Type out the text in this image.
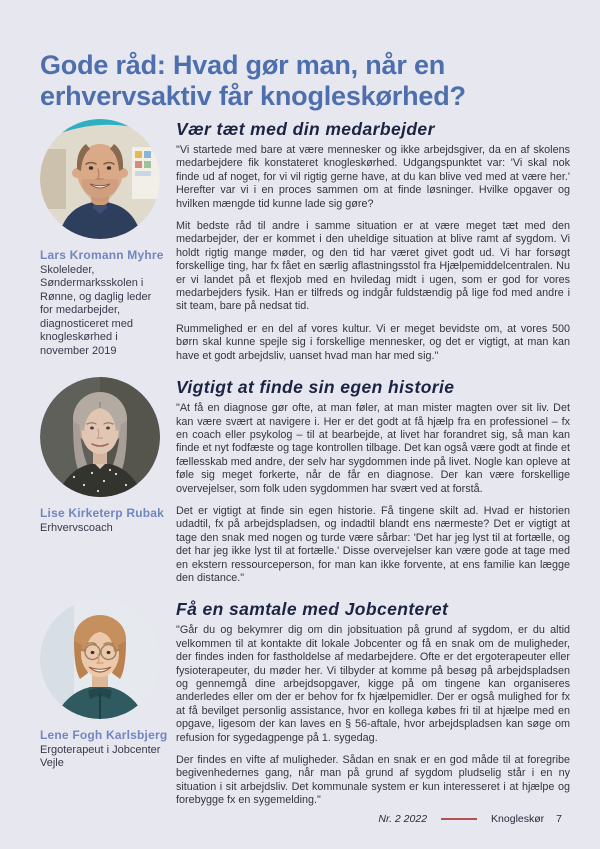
Gode råd: Hvad gør man, når en erhvervsaktiv får knogleskørhed?
Lars Kromann Myhre
Skoleleder, Søndermarksskolen i Rønne, og daglig leder for medarbejder, diagnosticeret med knogleskørhed i november 2019
Vær tæt med din medarbejder

"Vi startede med bare at være mennesker og ikke arbejdsgiver, da en af skolens medarbejdere fik konstateret knogleskørhed. Udgangspunktet var: 'Vi skal nok finde ud af noget, for vi vil rigtig gerne have, at du kan blive ved med at være her.' Herefter var vi i en proces sammen om at finde løsninger. Hvilke opgaver og hvilken mængde tid kunne lade sig gøre?

Mit bedste råd til andre i samme situation er at være meget tæt med den medarbejder, der er kommet i den uheldige situation at blive ramt af sygdom. Vi holdt rigtig mange møder, og den tid har været givet godt ud. Vi har forsøgt forskellige ting, har fx fået en særlig aflastningsstol fra Hjælpemiddelcentralen. Nu er vi landet på et flexjob med en hviledag midt i ugen, som er god for vores medarbejders fysik. Han er tilfreds og indgår fuldstændig på lige fod med andre i sit team, bare på nedsat tid.

Rummelighed er en del af vores kultur. Vi er meget bevidste om, at vores 500 børn skal kunne spejle sig i forskellige mennesker, og det er vigtigt, at man kan have et godt arbejdsliv, uanset hvad man har med sig."

Lise Kirketerp Rubak
Erhvervscoach
Vigtigt at finde sin egen historie

"At få en diagnose gør ofte, at man føler, at man mister magten over sit liv. Det kan være svært at navigere i. Her er det godt at få hjælp fra en professionel – fx en coach eller psykolog – til at bearbejde, at livet har forandret sig, så man kan finde et nyt fodfæste og tage kontrollen tilbage. Det kan også være godt at finde et fællesskab med andre, der selv har sygdommen inde på livet. Nogle kan opleve at føle sig meget forkerte, når de får en diagnose. Der kan være forskellige overvejelser, som folk uden sygdommen har svært ved at forstå.

Det er vigtigt at finde sin egen historie. Få tingene skilt ad. Hvad er historien udadtil, fx på arbejdspladsen, og indadtil blandt ens nærmeste? Det er vigtigt at tage den snak med nogen og turde være sårbar: 'Det har jeg lyst til at fortælle, og det har jeg ikke lyst til at fortælle.' Disse overvejelser kan være gode at tage med en ekstern ressourceperson, for man kan ikke forvente, at ens familie kan lægge den distance."

Lene Fogh Karlsbjerg
Ergoterapeut i Jobcenter Vejle
Få en samtale med Jobcenteret

"Går du og bekymrer dig om din jobsituation på grund af sygdom, er du altid velkommen til at kontakte dit lokale Jobcenter og få en snak om de muligheder, der findes inden for fastholdelse af medarbejdere. Ofte er det ergoterapeuter eller fysioterapeuter, du møder her. Vi tilbyder at komme på besøg på arbejdspladsen og gennemgå dine arbejdsopgaver, kigge på om tingene kan organiseres anderledes eller om der er behov for fx hjælpemidler. Der er også mulighed for fx at få bevilget personlig assistance, hvor en kollega købes fri til at hjælpe med en opgave, ligesom der kan laves en § 56-aftale, hvor arbejdspladsen kan søge om refusion for sygedagpenge på 1. sygedag.

Der findes en vifte af muligheder. Sådan en snak er en god måde til at foregribe begivenhedernes gang, når man på grund af sygdom pludselig står i en ny situation i sit arbejdsliv. Det kommunale system er kun interesseret i at hjælpe og forebygge fx en sygemelding."

Nr. 2 2022	Knogleskør 7
